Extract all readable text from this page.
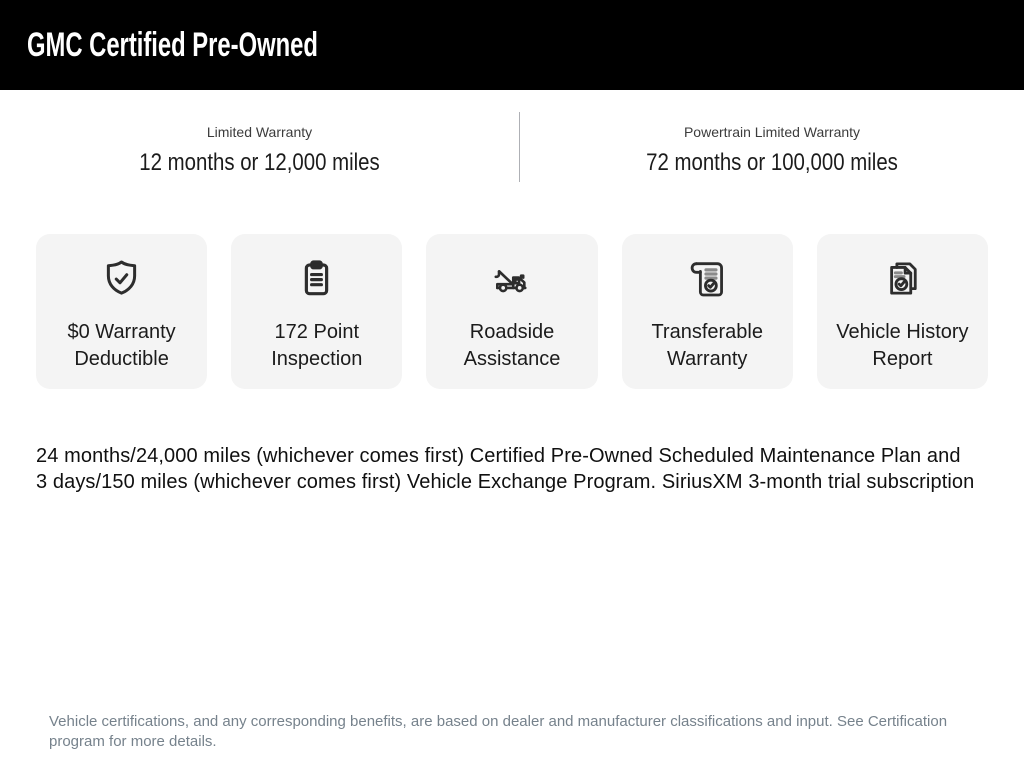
GMC Certified Pre-Owned
Limited Warranty
12 months or 12,000 miles
Powertrain Limited Warranty
72 months or 100,000 miles
$0 Warranty Deductible
172 Point Inspection
Roadside Assistance
Transferable Warranty
Vehicle History Report
24 months/24,000 miles (whichever comes first) Certified Pre-Owned Scheduled Maintenance Plan and
3 days/150 miles (whichever comes first) Vehicle Exchange Program. SiriusXM 3-month trial subscription
Vehicle certifications, and any corresponding benefits, are based on dealer and manufacturer classifications and input. See Certification
program for more details.
